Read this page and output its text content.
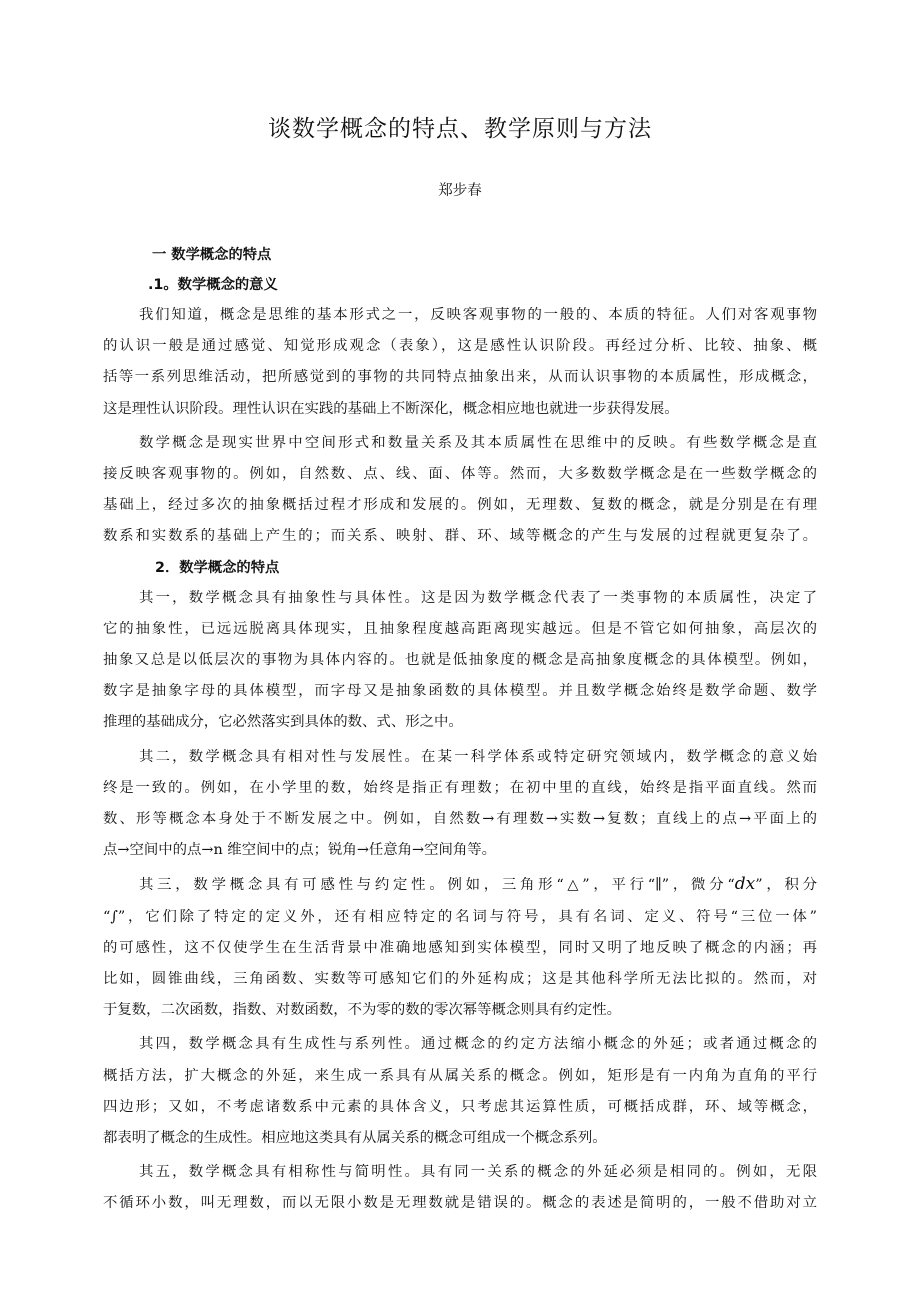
谈数学概念的特点、教学原则与方法

郑步春

一 数学概念的特点

.1。数学概念的意义

我们知道，概念是思维的基本形式之一，反映客观事物的一般的、本质的特征。人们对客观事物
的认识一般是通过感觉、知觉形成观念（表象），这是感性认识阶段。再经过分析、比较、抽象、概
括等一系列思维活动，把所感觉到的事物的共同特点抽象出来，从而认识事物的本质属性，形成概念，
这是理性认识阶段。理性认识在实践的基础上不断深化，概念相应地也就进一步获得发展。
数学概念是现实世界中空间形式和数量关系及其本质属性在思维中的反映。有些数学概念是直
接反映客观事物的。例如，自然数、点、线、面、体等。然而，大多数数学概念是在一些数学概念的
基础上，经过多次的抽象概括过程才形成和发展的。例如，无理数、复数的概念，就是分别是在有理
数系和实数系的基础上产生的；而关系、映射、群、环、域等概念的产生与发展的过程就更复杂了。

2．数学概念的特点

其一，数学概念具有抽象性与具体性。这是因为数学概念代表了一类事物的本质属性，决定了
它的抽象性，已远远脱离具体现实，且抽象程度越高距离现实越远。但是不管它如何抽象，高层次的
抽象又总是以低层次的事物为具体内容的。也就是低抽象度的概念是高抽象度概念的具体模型。例如，
数字是抽象字母的具体模型，而字母又是抽象函数的具体模型。并且数学概念始终是数学命题、数学
推理的基础成分，它必然落实到具体的数、式、形之中。
其二，数学概念具有相对性与发展性。在某一科学体系或特定研究领域内，数学概念的意义始
终是一致的。例如，在小学里的数，始终是指正有理数；在初中里的直线，始终是指平面直线。然而
数、形等概念本身处于不断发展之中。例如，自然数→有理数→实数→复数；直线上的点→平面上的
点→空间中的点→n 维空间中的点；锐角→任意角→空间角等。
其三，数学概念具有可感性与约定性。例如，三角形“△”，平行“∥”，微分“dx”，积分
“∫”，它们除了特定的定义外，还有相应特定的名词与符号，具有名词、定义、符号“三位一体”
的可感性，这不仅使学生在生活背景中准确地感知到实体模型，同时又明了地反映了概念的内涵；再
比如，圆锥曲线，三角函数、实数等可感知它们的外延构成；这是其他科学所无法比拟的。然而，对
于复数，二次函数，指数、对数函数，不为零的数的零次幂等概念则具有约定性。
其四，数学概念具有生成性与系列性。通过概念的约定方法缩小概念的外延；或者通过概念的
概括方法，扩大概念的外延，来生成一系具有从属关系的概念。例如，矩形是有一内角为直角的平行
四边形；又如，不考虑诸数系中元素的具体含义，只考虑其运算性质，可概括成群，环、域等概念，
都表明了概念的生成性。相应地这类具有从属关系的概念可组成一个概念系列。
其五，数学概念具有相称性与简明性。具有同一关系的概念的外延必须是相同的。例如，无限
不循环小数，叫无理数，而以无限小数是无理数就是错误的。概念的表述是简明的，一般不借助对立
